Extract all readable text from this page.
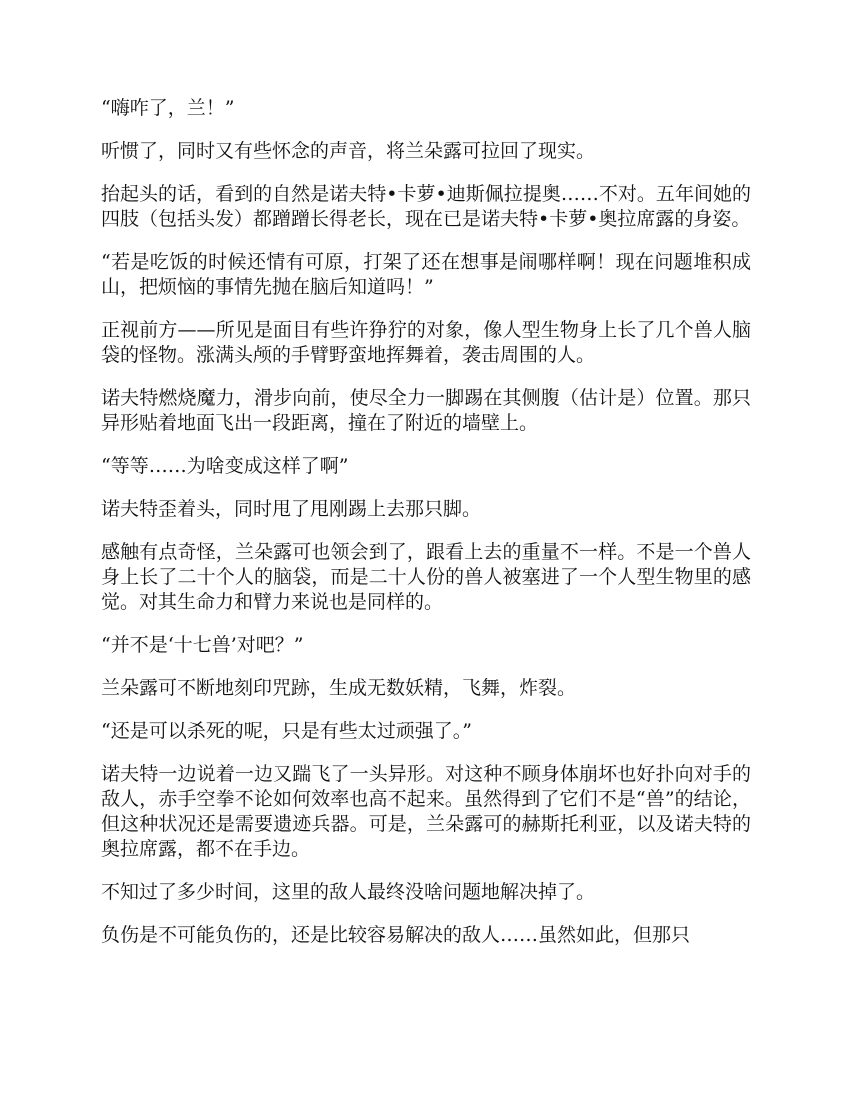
“嗨咋了，兰！”

听惯了，同时又有些怀念的声音，将兰朵露可拉回了现实。

抬起头的话，看到的自然是诺夫特•卡萝•迪斯佩拉提奥……不对。五年间她的四肢（包括头发）都蹭蹭长得老长，现在已是诺夫特•卡萝•奥拉席露的身姿。

“若是吃饭的时候还情有可原，打架了还在想事是闹哪样啊！现在问题堆积成山，把烦恼的事情先抛在脑后知道吗！”

正视前方——所见是面目有些许狰狞的对象，像人型生物身上长了几个兽人脑袋的怪物。涨满头颅的手臂野蛮地挥舞着，袭击周围的人。

诺夫特燃烧魔力，滑步向前，使尽全力一脚踢在其侧腹（估计是）位置。那只异形贴着地面飞出一段距离，撞在了附近的墙壁上。

“等等……为啥变成这样了啊”

诺夫特歪着头，同时甩了甩刚踢上去那只脚。

感触有点奇怪，兰朵露可也领会到了，跟看上去的重量不一样。不是一个兽人身上长了二十个人的脑袋，而是二十人份的兽人被塞进了一个人型生物里的感觉。对其生命力和臂力来说也是同样的。

“并不是‘十七兽’对吧？”

兰朵露可不断地刻印咒跡，生成无数妖精，飞舞，炸裂。

“还是可以杀死的呢，只是有些太过顽强了。”

诺夫特一边说着一边又踹飞了一头异形。对这种不顾身体崩坏也好扑向对手的敌人，赤手空拳不论如何效率也高不起来。虽然得到了它们不是“兽”的结论，但这种状况还是需要遗迹兵器。可是，兰朵露可的赫斯托利亚，以及诺夫特的奥拉席露，都不在手边。

不知过了多少时间，这里的敌人最终没啥问题地解决掉了。

负伤是不可能负伤的，还是比较容易解决的敌人……虽然如此，但那只
